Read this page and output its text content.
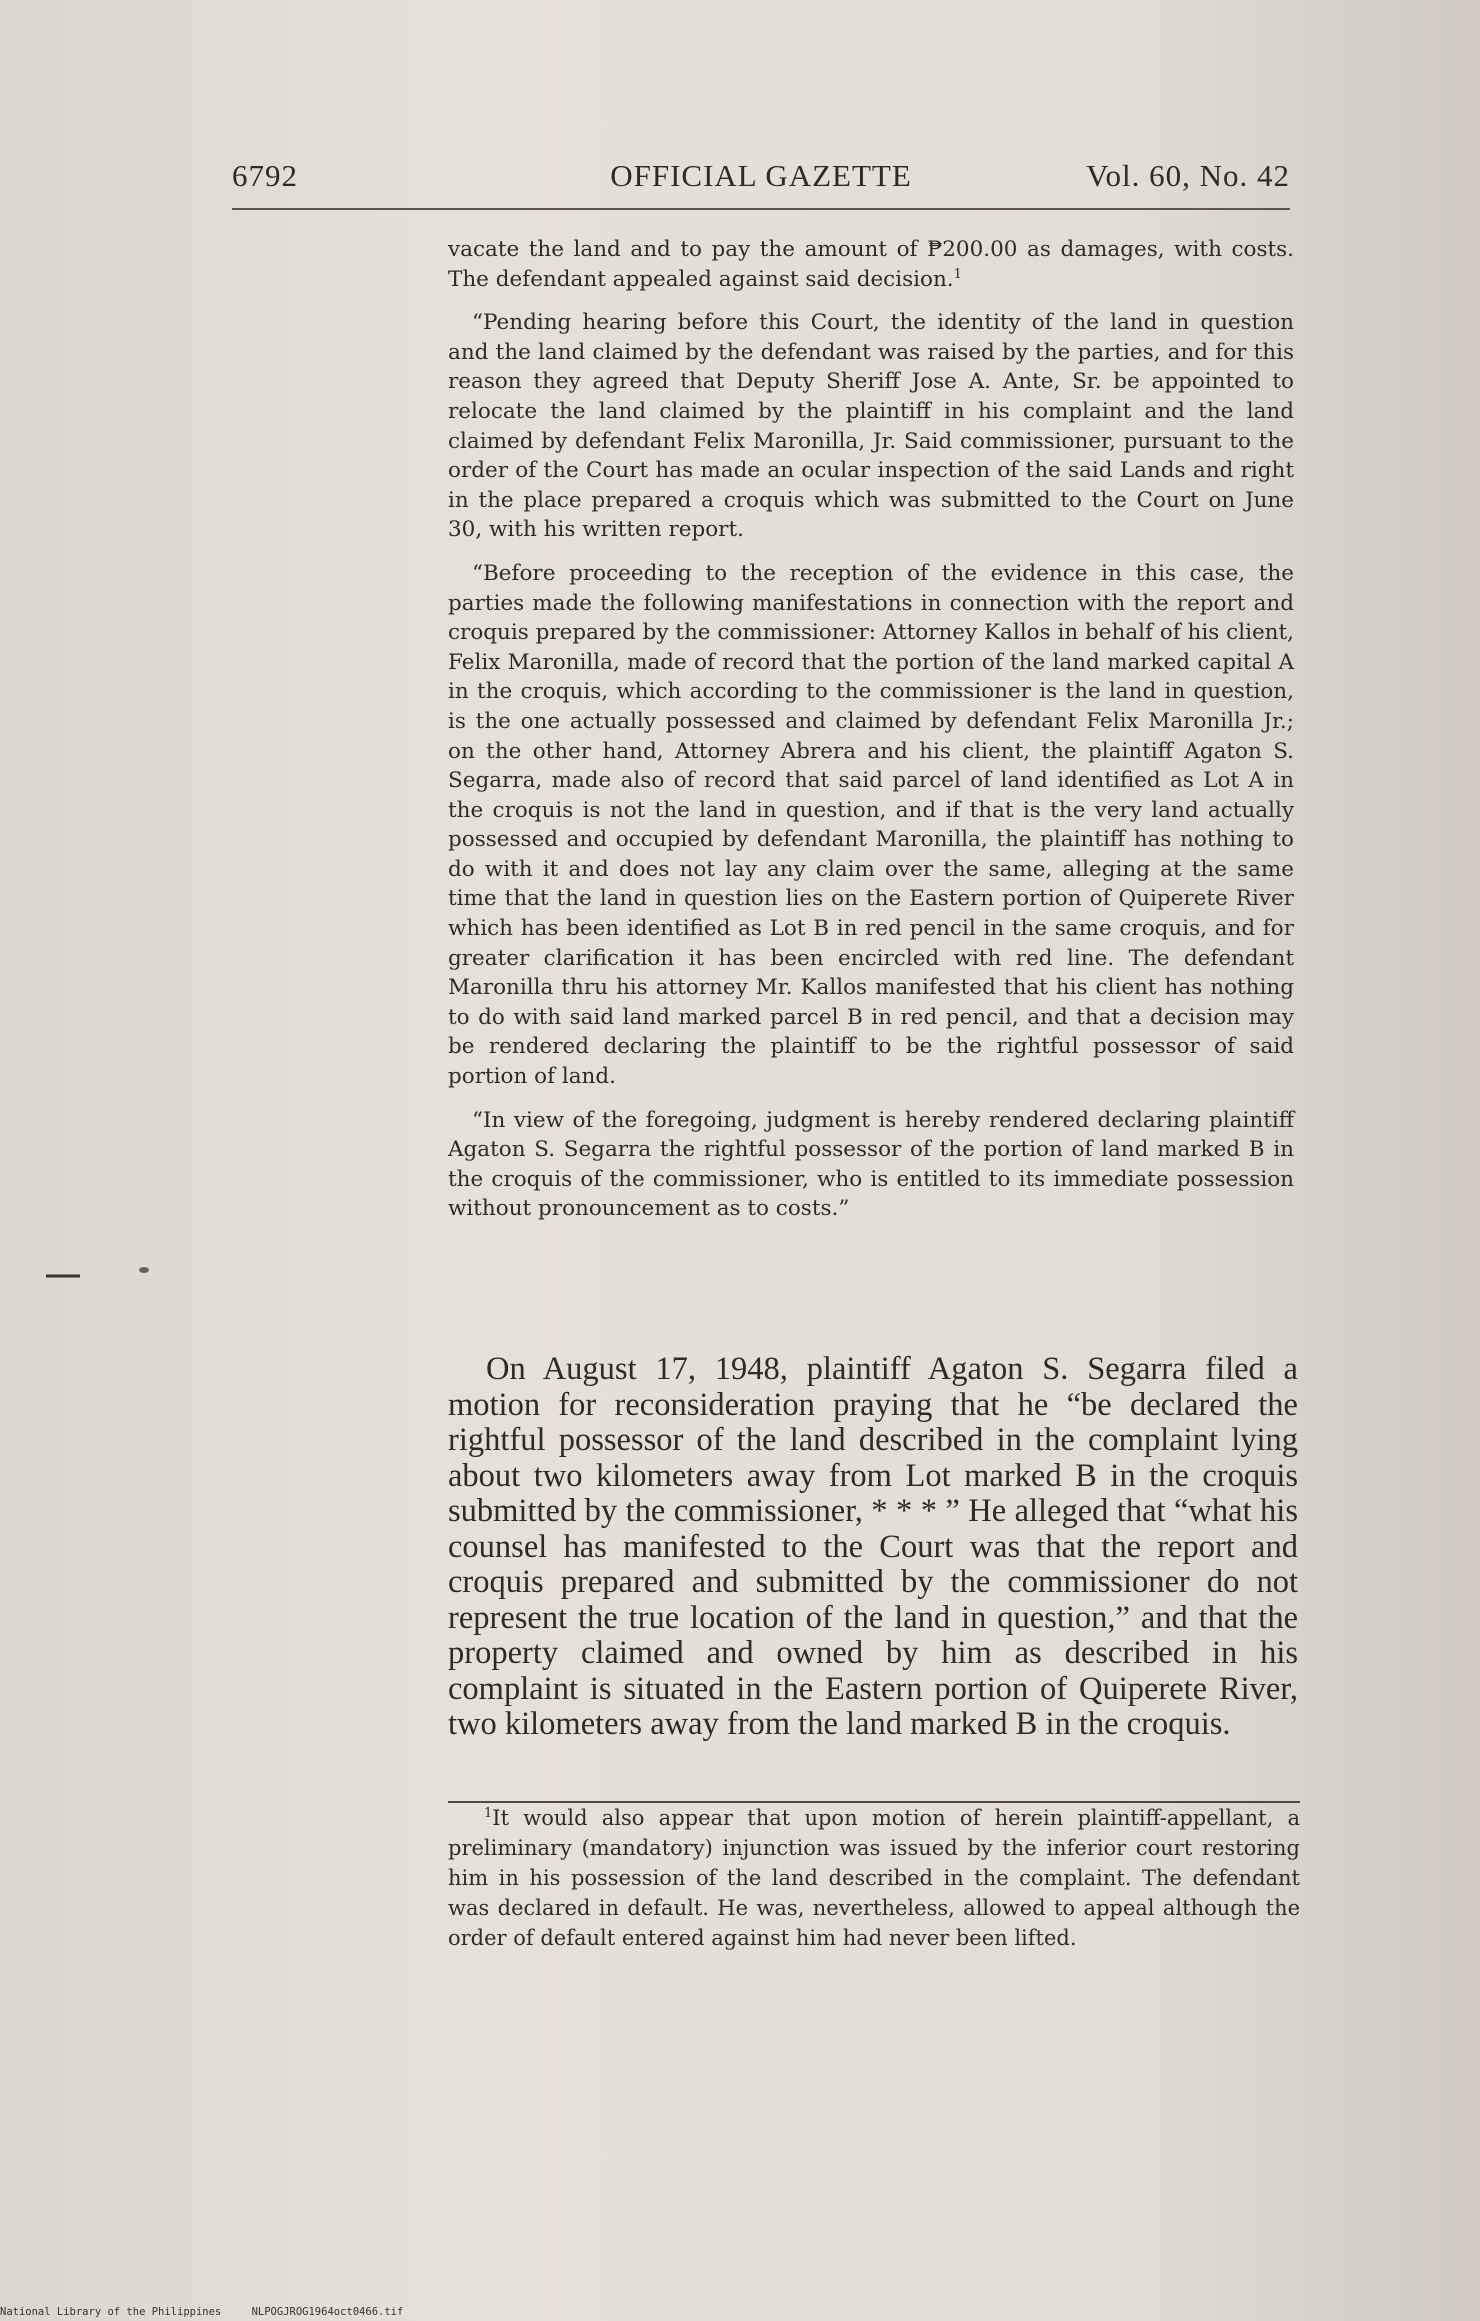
6792	OFFICIAL GAZETTE	Vol. 60, No. 42

vacate the land and to pay the amount of ₱200.00 as damages, with costs. The defendant appealed against said decision.$^1$

“Pending hearing before this Court, the identity of the land in question and the land claimed by the defendant was raised by the parties, and for this reason they agreed that Deputy Sheriff Jose A. Ante, Sr. be appointed to relocate the land claimed by the plaintiff in his complaint and the land claimed by defendant Felix Maronilla, Jr. Said commissioner, pursuant to the order of the Court has made an ocular inspection of the said Lands and right in the place prepared a croquis which was submitted to the Court on June 30, with his written report.

“Before proceeding to the reception of the evidence in this case, the parties made the following manifestations in connection with the report and croquis prepared by the commissioner: Attorney Kallos in behalf of his client, Felix Maronilla, made of record that the portion of the land marked capital A in the croquis, which according to the commissioner is the land in question, is the one actually possessed and claimed by defendant Felix Maronilla Jr.; on the other hand, Attorney Abrera and his client, the plaintiff Agaton S. Segarra, made also of record that said parcel of land identified as Lot A in the croquis is not the land in question, and if that is the very land actually possessed and occupied by defendant Maronilla, the plaintiff has nothing to do with it and does not lay any claim over the same, alleging at the same time that the land in question lies on the Eastern portion of Quiperete River which has been identified as Lot B in red pencil in the same croquis, and for greater clarification it has been encircled with red line. The defendant Maronilla thru his attorney Mr. Kallos manifested that his client has nothing to do with said land marked parcel B in red pencil, and that a decision may be rendered declaring the plaintiff to be the rightful possessor of said portion of land.

“In view of the foregoing, judgment is hereby rendered declaring plaintiff Agaton S. Segarra the rightful possessor of the portion of land marked B in the croquis of the commissioner, who is entitled to its immediate possession without pronouncement as to costs.”

On August 17, 1948, plaintiff Agaton S. Segarra filed a motion for reconsideration praying that he “be declared the rightful possessor of the land described in the complaint lying about two kilometers away from Lot marked B in the croquis submitted by the commissioner, * * * ” He alleged that “what his counsel has manifested to the Court was that the report and croquis prepared and submitted by the commissioner do not represent the true location of the land in question,” and that the property claimed and owned by him as described in his complaint is situated in the Eastern portion of Quiperete River, two kilometers away from the land marked B in the croquis.

$^1$It would also appear that upon motion of herein plaintiff-appellant, a preliminary (mandatory) injunction was issued by the inferior court restoring him in his possession of the land described in the complaint. The defendant was declared in default. He was, nevertheless, allowed to appeal although the order of default entered against him had never been lifted.

National Library of the Philippines	NLPOGJROG1964oct0466.tif
